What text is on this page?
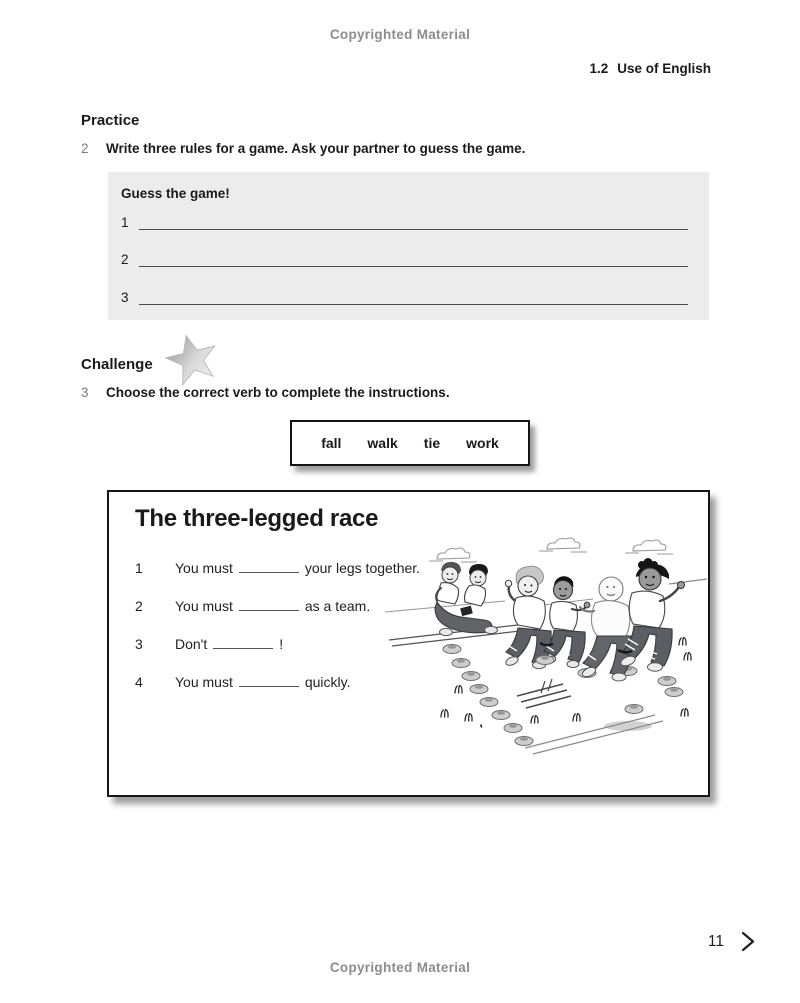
Copyrighted Material
1.2 Use of English
Practice
2	Write three rules for a game. Ask your partner to guess the game.
Guess the game!
1
2
3
Challenge
3	Choose the correct verb to complete the instructions.
fall walk tie work
The three-legged race
1	You must	your legs together.
2	You must	as a team.
3	Don't	!
4	You must	quickly.
11
Copyrighted Material
